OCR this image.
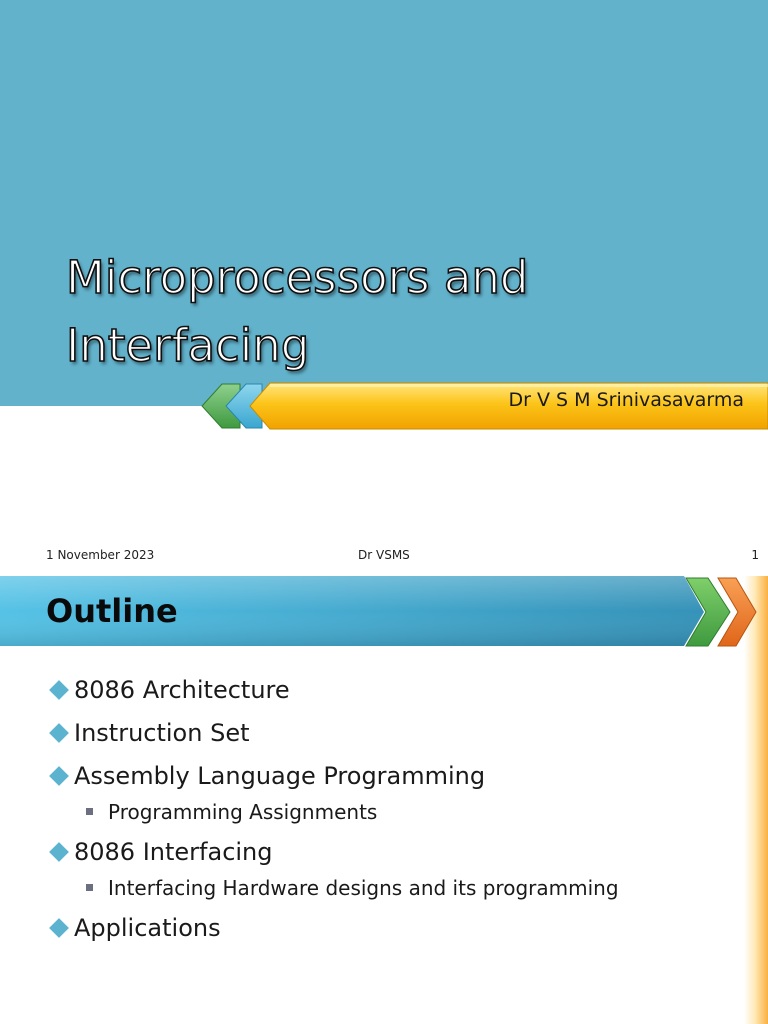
Microprocessors and
Interfacing
Dr V S M Srinivasavarma
1 November 2023	Dr VSMS	1
Outline
8086 Architecture
Instruction Set
Assembly Language Programming
Programming Assignments
8086 Interfacing
Interfacing Hardware designs and its programming
Applications
